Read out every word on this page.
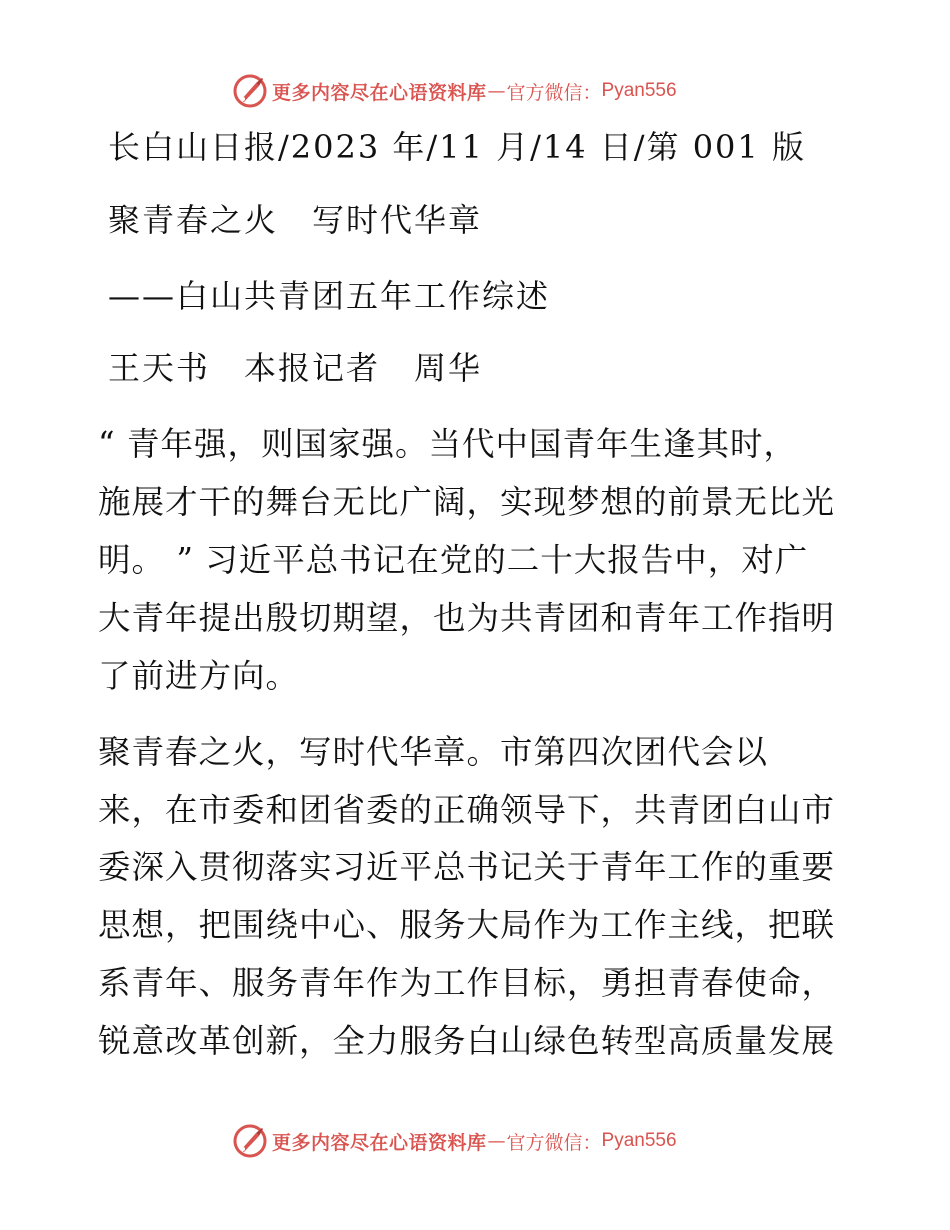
更多内容尽在心语资料库 — 官方微信： Pyan556
长白山日报/2023 年/11 月/14 日/第 001 版
聚青春之火　写时代华章
——白山共青团五年工作综述
王天书　本报记者　周华
“ 青年强，则国家强。当代中国青年生逢其时，
施展才干的舞台无比广阔，实现梦想的前景无比光
明。 ” 习近平总书记在党的二十大报告中，对广
大青年提出殷切期望，也为共青团和青年工作指明
了前进方向。
聚青春之火，写时代华章。市第四次团代会以
来，在市委和团省委的正确领导下，共青团白山市
委深入贯彻落实习近平总书记关于青年工作的重要
思想，把围绕中心、服务大局作为工作主线，把联
系青年、服务青年作为工作目标，勇担青春使命，
锐意改革创新，全力服务白山绿色转型高质量发展
更多内容尽在心语资料库 — 官方微信： Pyan556
